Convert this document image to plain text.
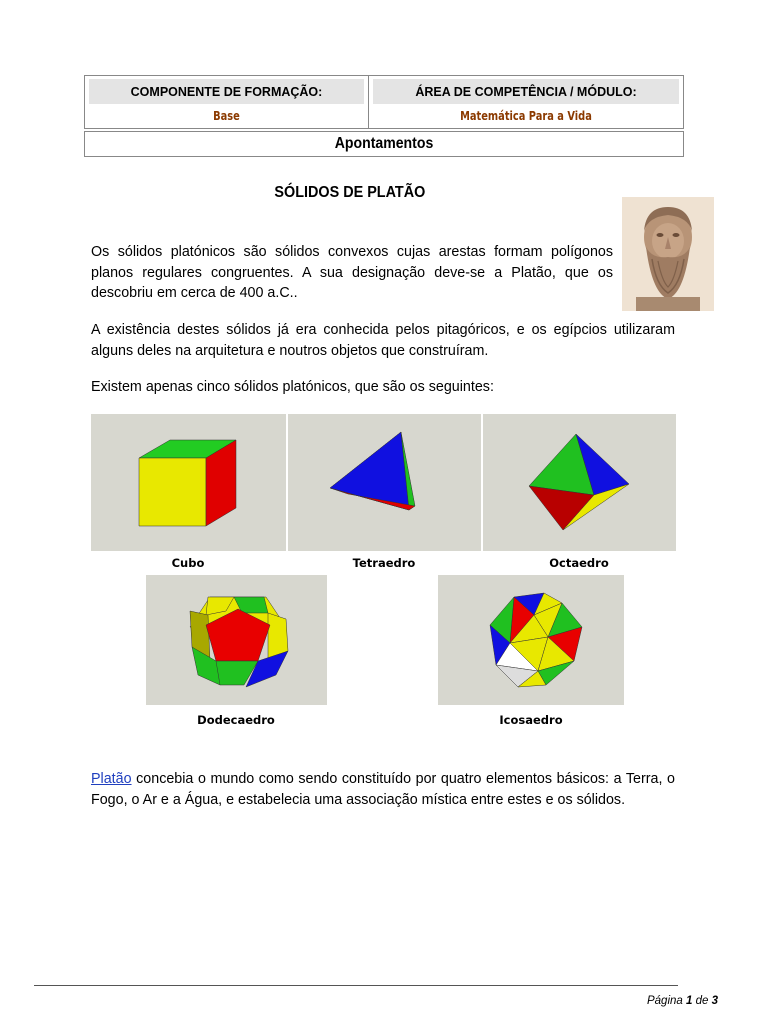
COMPONENTE DE FORMAÇÃO:
Base
ÁREA DE COMPETÊNCIA / MÓDULO:
Matemática Para a Vida
Apontamentos
SÓLIDOS DE PLATÃO
Os sólidos platónicos são sólidos convexos cujas arestas formam polígonos planos regulares congruentes. A sua designação deve-se a Platão, que os descobriu em cerca de 400 a.C..
A existência destes sólidos já era conhecida pelos pitagóricos, e os egípcios utilizaram alguns deles na arquitetura e noutros objetos que construíram.
Existem apenas cinco sólidos platónicos, que são os seguintes:
Cubo	Tetraedro	Octaedro
Dodecaedro	Icosaedro
Platão concebia o mundo como sendo constituído por quatro elementos básicos: a Terra, o Fogo, o Ar e a Água, e estabelecia uma associação mística entre estes e os sólidos.
Página 1 de 3
